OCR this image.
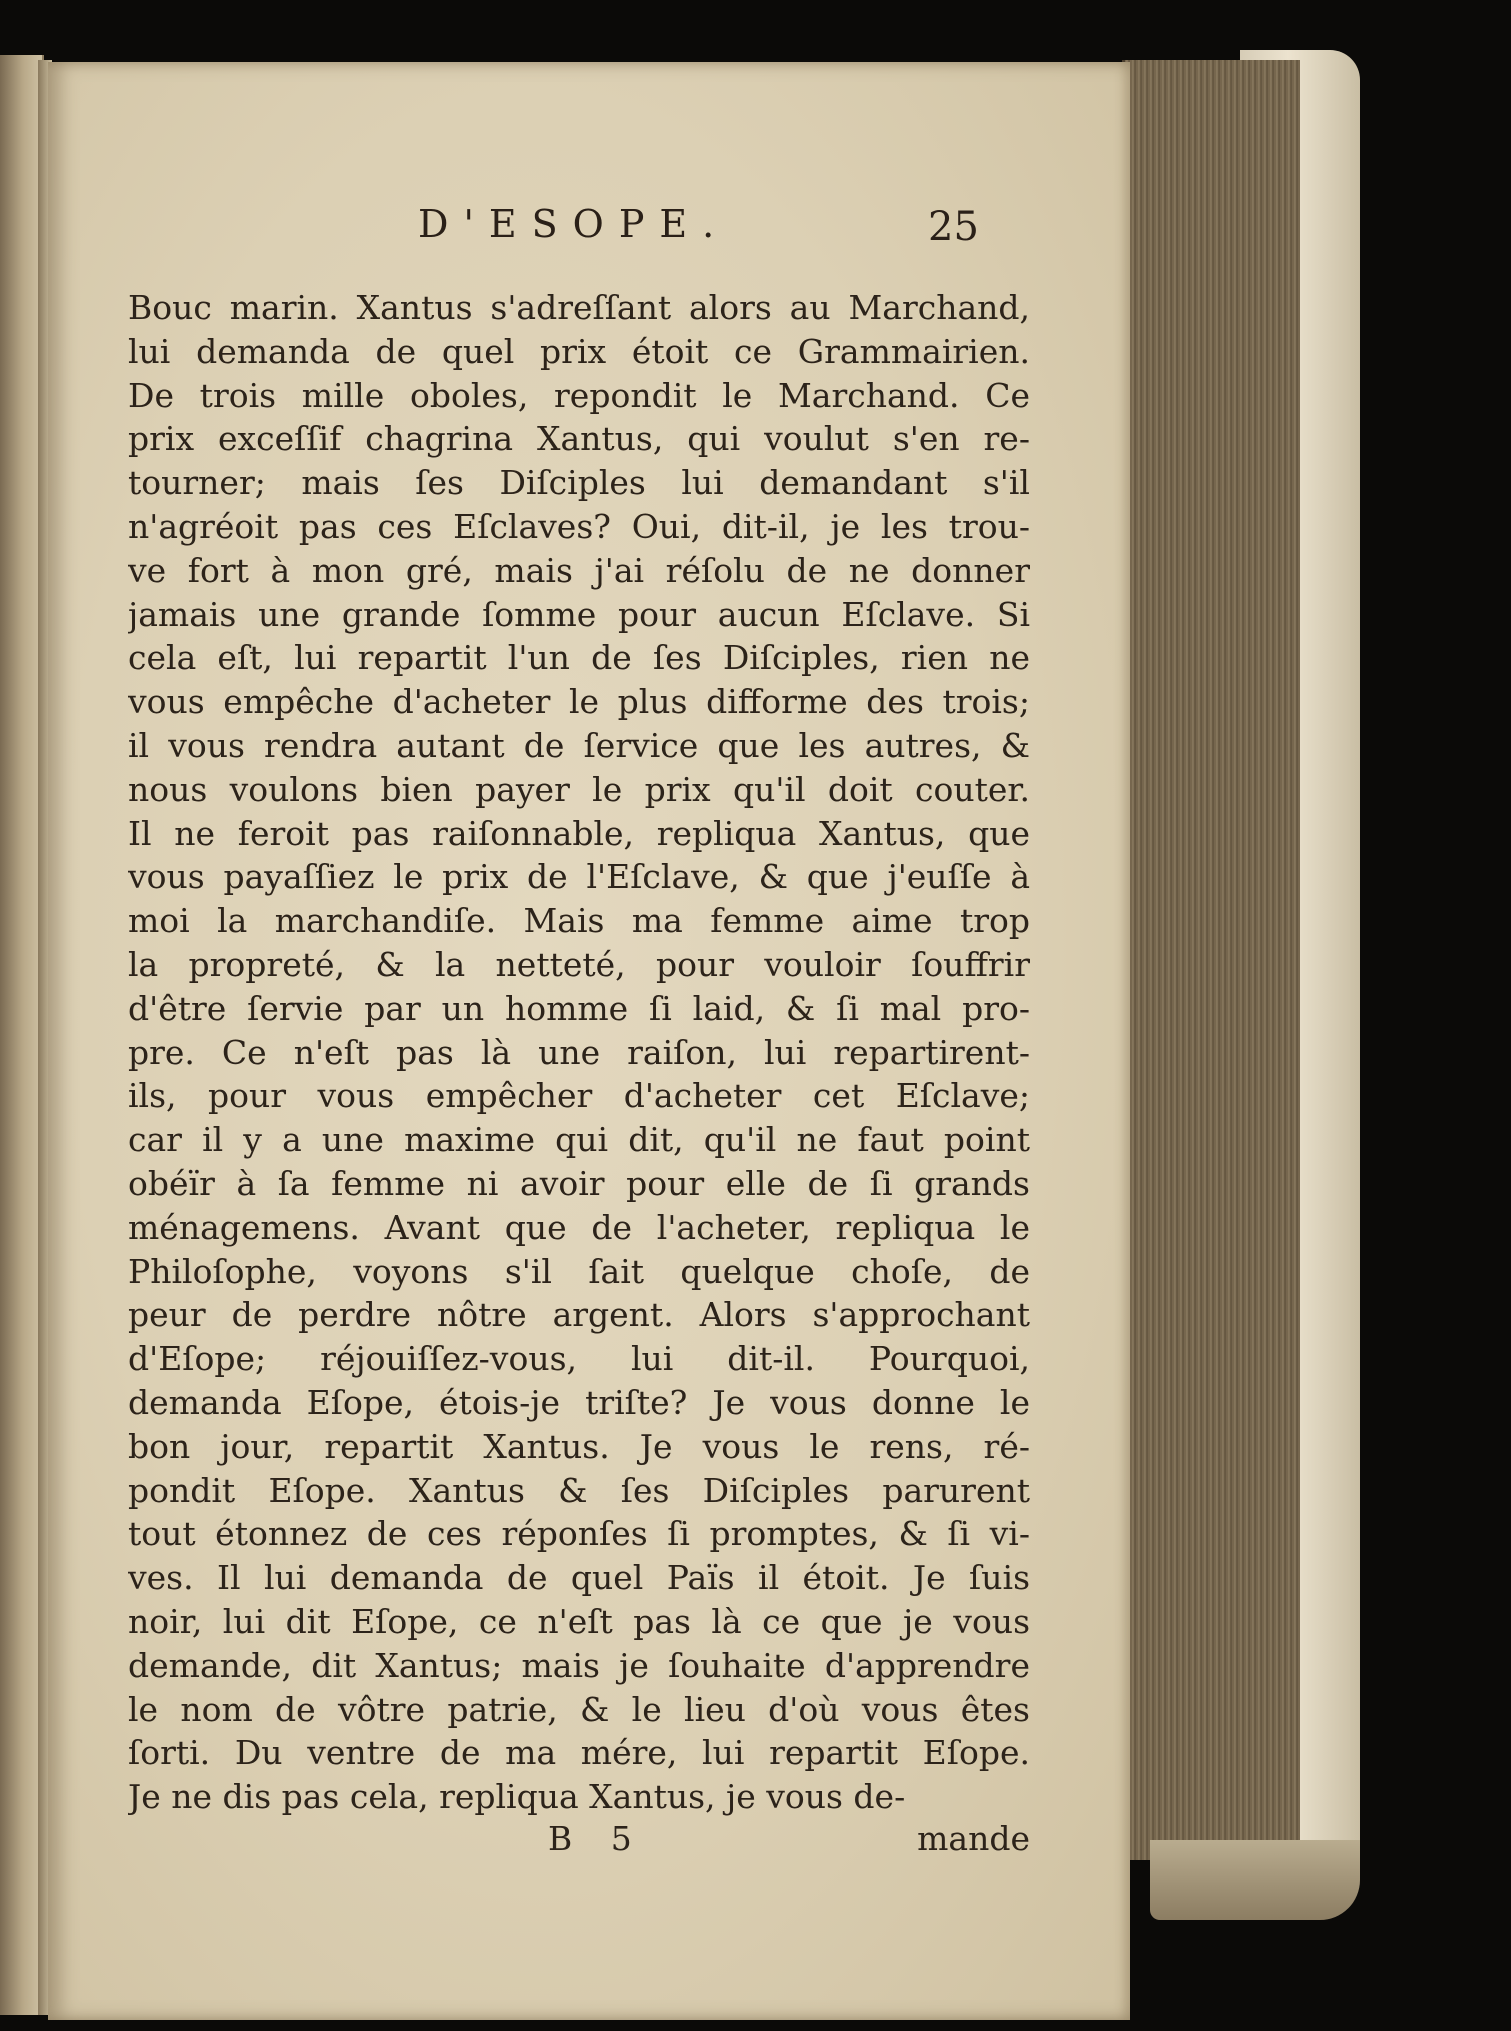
D'ESOPE.	25
Bouc marin. Xantus s'adreſſant alors au Marchand,
lui demanda de quel prix étoit ce Grammairien.
De trois mille oboles, repondit le Marchand. Ce
prix exceſſif chagrina Xantus, qui voulut s'en re-
tourner; mais ſes Diſciples lui demandant s'il
n'agréoit pas ces Eſclaves? Oui, dit-il, je les trou-
ve fort à mon gré, mais j'ai réſolu de ne donner
jamais une grande ſomme pour aucun Eſclave. Si
cela eſt, lui repartit l'un de ſes Diſciples, rien ne
vous empêche d'acheter le plus difforme des trois;
il vous rendra autant de ſervice que les autres, &
nous voulons bien payer le prix qu'il doit couter.
Il ne feroit pas raiſonnable, repliqua Xantus, que
vous payaſſiez le prix de l'Eſclave, & que j'euſſe à
moi la marchandiſe. Mais ma femme aime trop
la propreté, & la netteté, pour vouloir ſouffrir
d'être ſervie par un homme ſi laid, & ſi mal pro-
pre. Ce n'eſt pas là une raiſon, lui repartirent-
ils, pour vous empêcher d'acheter cet Eſclave;
car il y a une maxime qui dit, qu'il ne faut point
obéïr à ſa femme ni avoir pour elle de ſi grands
ménagemens. Avant que de l'acheter, repliqua le
Philoſophe, voyons s'il ſait quelque choſe, de
peur de perdre nôtre argent. Alors s'approchant
d'Eſope; réjouiſſez-vous, lui dit-il. Pourquoi,
demanda Eſope, étois-je triſte? Je vous donne le
bon jour, repartit Xantus. Je vous le rens, ré-
pondit Eſope. Xantus & ſes Diſciples parurent
tout étonnez de ces réponſes ſi promptes, & ſi vi-
ves. Il lui demanda de quel Païs il étoit. Je ſuis
noir, lui dit Eſope, ce n'eſt pas là ce que je vous
demande, dit Xantus; mais je ſouhaite d'apprendre
le nom de vôtre patrie, & le lieu d'où vous êtes
ſorti. Du ventre de ma mére, lui repartit Eſope.
Je ne dis pas cela, repliqua Xantus, je vous de-
B 5	mande
